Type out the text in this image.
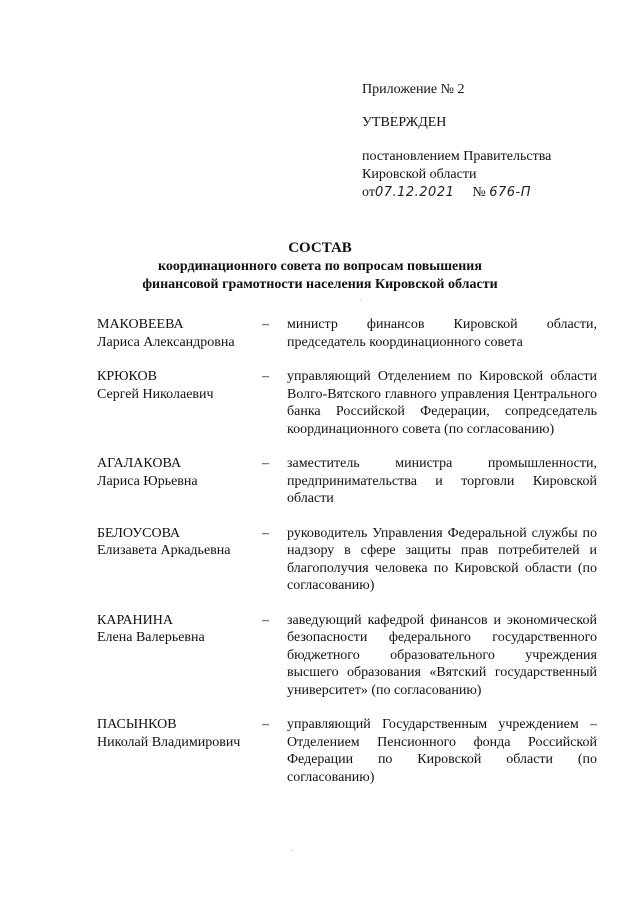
Приложение № 2
УТВЕРЖДЕН
постановлением Правительства
Кировской области
от07.12.2021 № 676-П
СОСТАВ
координационного совета по вопросам повышения
финансовой грамотности населения Кировской области
МАКОВЕЕВА
Лариса Александровна
– министр финансов Кировской области, председатель координационного совета
КРЮКОВ
Сергей Николаевич
– управляющий Отделением по Кировской области Волго-Вятского главного управления Центрального банка Российской Федерации, сопредседатель координационного совета (по согласованию)
АГАЛАКОВА
Лариса Юрьевна
– заместитель министра промышленности, предпринимательства и торговли Кировской области
БЕЛОУСОВА
Елизавета Аркадьевна
– руководитель Управления Федеральной службы по надзору в сфере защиты прав потребителей и благополучия человека по Кировской области (по согласованию)
КАРАНИНА
Елена Валерьевна
– заведующий кафедрой финансов и экономической безопасности федерального государственного бюджетного образовательного учреждения высшего образования «Вятский государственный университет» (по согласованию)
ПАСЫНКОВ
Николай Владимирович
– управляющий Государственным учреждением – Отделением Пенсионного фонда Российской Федерации по Кировской области (по согласованию)
